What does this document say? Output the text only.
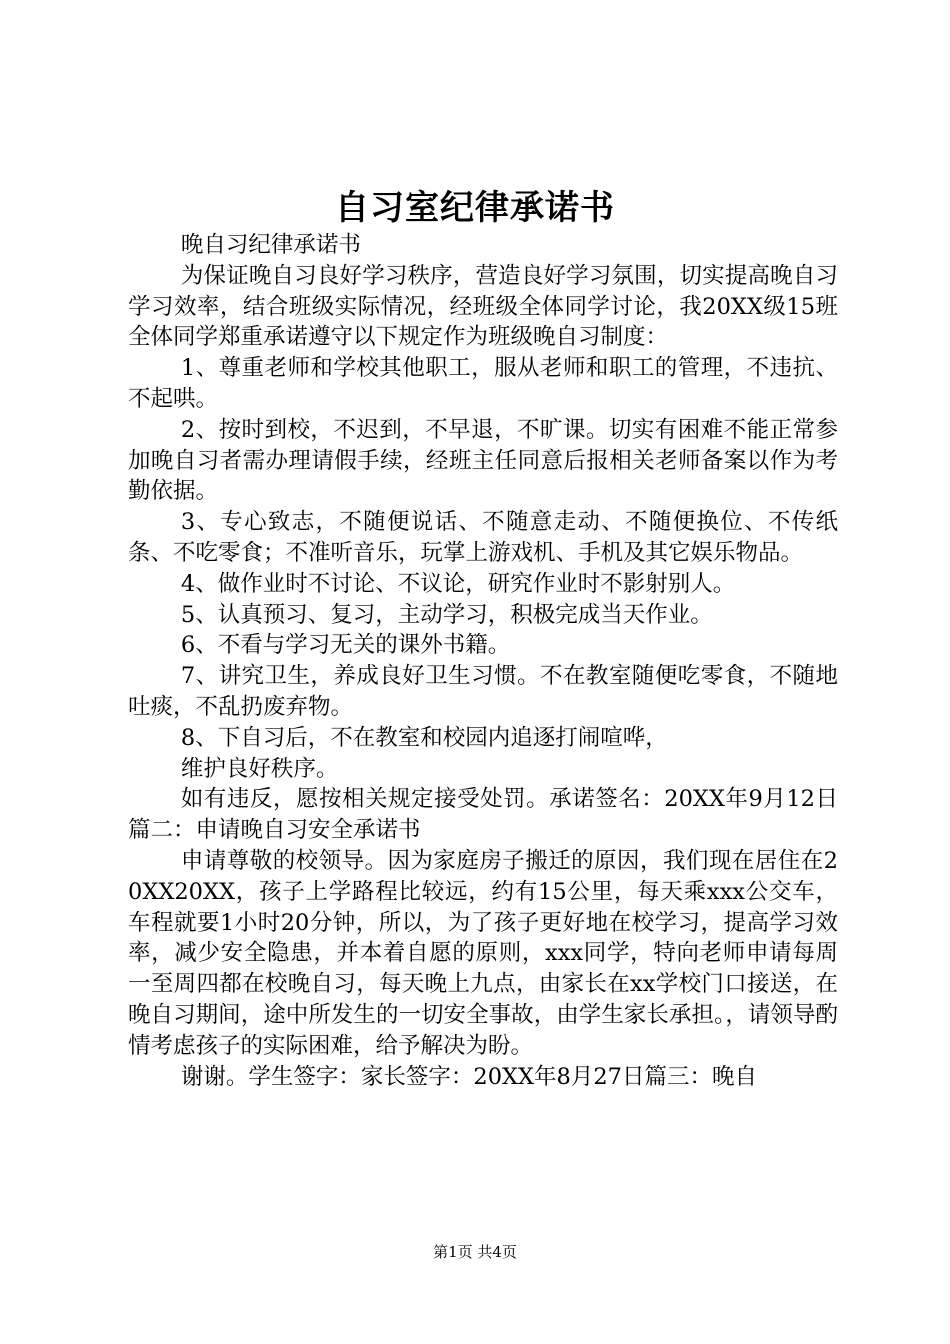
自习室纪律承诺书

晚自习纪律承诺书

为保证晚自习良好学习秩序，营造良好学习氛围，切实提高晚自习学习效率，结合班级实际情况，经班级全体同学讨论，我20XX级15班全体同学郑重承诺遵守以下规定作为班级晚自习制度：

1、尊重老师和学校其他职工，服从老师和职工的管理，不违抗、不起哄。

2、按时到校，不迟到，不早退，不旷课。切实有困难不能正常参加晚自习者需办理请假手续，经班主任同意后报相关老师备案以作为考勤依据。

3、专心致志，不随便说话、不随意走动、不随便换位、不传纸条、不吃零食；不准听音乐，玩掌上游戏机、手机及其它娱乐物品。

4、做作业时不讨论、不议论，研究作业时不影射别人。

5、认真预习、复习，主动学习，积极完成当天作业。

6、不看与学习无关的课外书籍。

7、讲究卫生，养成良好卫生习惯。不在教室随便吃零食，不随地吐痰，不乱扔废弃物。

8、下自习后，不在教室和校园内追逐打闹喧哗，

维护良好秩序。

如有违反，愿按相关规定接受处罚。承诺签名：20XX年9月12日篇二：申请晚自习安全承诺书

申请尊敬的校领导。因为家庭房子搬迁的原因，我们现在居住在20XX20XX，孩子上学路程比较远，约有15公里，每天乘xxx公交车，车程就要1小时20分钟，所以，为了孩子更好地在校学习，提高学习效率，减少安全隐患，并本着自愿的原则，xxx同学，特向老师申请每周一至周四都在校晚自习，每天晚上九点，由家长在xx学校门口接送，在晚自习期间，途中所发生的一切安全事故，由学生家长承担。，请领导酌情考虑孩子的实际困难，给予解决为盼。

谢谢。学生签字：家长签字：20XX年8月27日篇三：晚自

第1页 共4页
